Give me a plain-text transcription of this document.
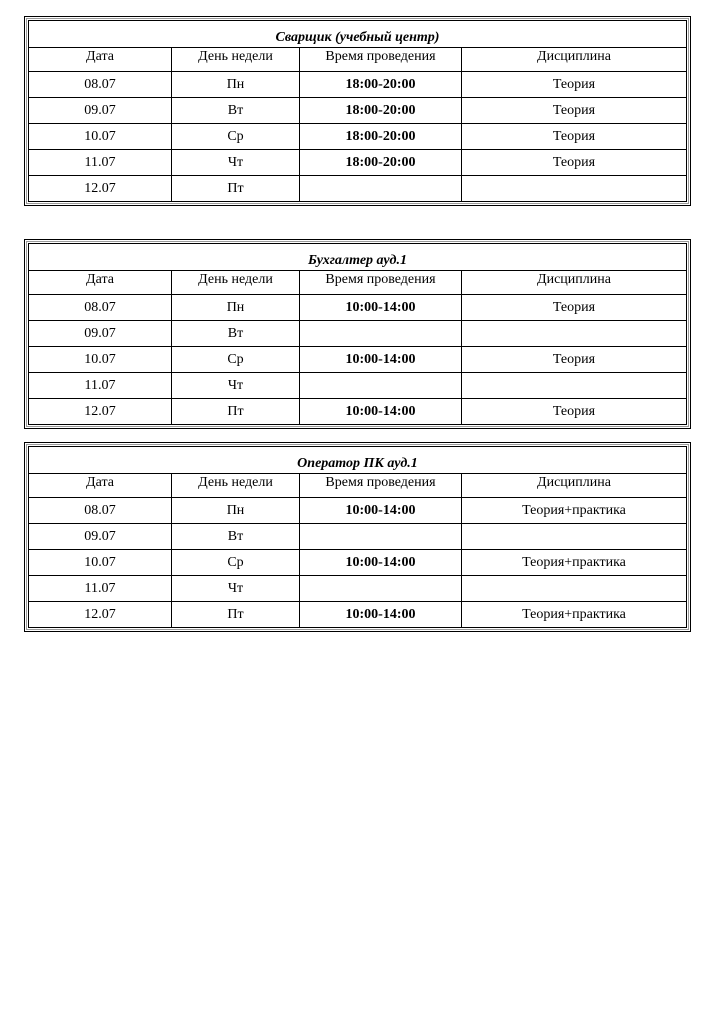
Сварщик (учебный центр)			
Дата	День недели	Время проведения	Дисциплина
08.07	Пн	18:00-20:00	Теория
09.07	Вт	18:00-20:00	Теория
10.07	Ср	18:00-20:00	Теория
11.07	Чт	18:00-20:00	Теория
12.07	Пт		
Бухгалтер ауд.1			
Дата	День недели	Время проведения	Дисциплина
08.07	Пн	10:00-14:00	Теория
09.07	Вт		
10.07	Ср	10:00-14:00	Теория
11.07	Чт		
12.07	Пт	10:00-14:00	Теория
Оператор ПК ауд.1			
Дата	День недели	Время проведения	Дисциплина
08.07	Пн	10:00-14:00	Теория+практика
09.07	Вт		
10.07	Ср	10:00-14:00	Теория+практика
11.07	Чт		
12.07	Пт	10:00-14:00	Теория+практика
